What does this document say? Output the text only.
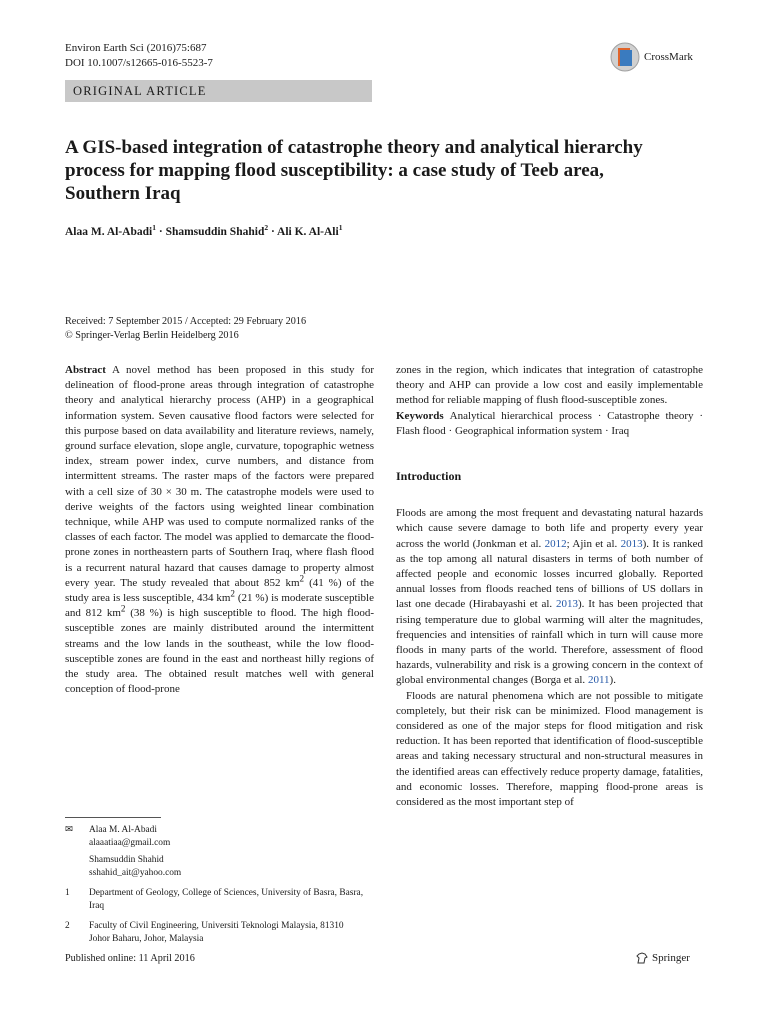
Environ Earth Sci (2016)75:687
DOI 10.1007/s12665-016-5523-7	CrossMark
ORIGINAL ARTICLE
A GIS-based integration of catastrophe theory and analytical hierarchy process for mapping flood susceptibility: a case study of Teeb area, Southern Iraq
Alaa M. Al-Abadi$^1$ · Shamsuddin Shahid$^2$ · Ali K. Al-Ali$^1$
Received: 7 September 2015 / Accepted: 29 February 2016
© Springer-Verlag Berlin Heidelberg 2016

Abstract A novel method has been proposed in this study for delineation of flood-prone areas through integration of catastrophe theory and analytical hierarchy process (AHP) in a geographical information system. Seven causative flood factors were selected for this purpose based on data availability and literature reviews, namely, ground surface elevation, slope angle, curvature, topographic wetness index, stream power index, curve numbers, and distance from intermittent streams. The raster maps of the factors were prepared with a cell size of 30 × 30 m. The catastrophe models were used to derive weights of the factors using weighted linear combination technique, while AHP was used to compute normalized ranks of the classes of each factor. The model was applied to demarcate the flood-prone zones in northeastern parts of Southern Iraq, where flash flood is a recurrent natural hazard that causes damage to property almost every year. The study revealed that about 852 $km^2$ (41 %) of the study area is less susceptible, 434 $km^2$ (21 %) is moderate susceptible and 812 $km^2$ (38 %) is high susceptible to flood. The high flood-susceptible zones are mainly distributed around the intermittent streams and the low lands in the southeast, while the low flood-susceptible zones are found in the east and northeast hilly regions of the study area. The obtained result matches well with general conception of flood-prone

zones in the region, which indicates that integration of catastrophe theory and AHP can provide a low cost and easily implementable method for reliable mapping of flush flood-susceptible zones.

Keywords Analytical hierarchical process · Catastrophe theory · Flash flood · Geographical information system · Iraq

Introduction

Floods are among the most frequent and devastating natural hazards which cause severe damage to both life and property every year across the world (Jonkman et al. 2012; Ajin et al. 2013). It is ranked as the top among all natural disasters in terms of both number of affected people and economic losses incurred globally. Reported annual losses from floods reached tens of billions of US dollars in last one decade (Hirabayashi et al. 2013). It has been projected that rising temperature due to global warming will alter the magnitudes, frequencies and intensities of rainfall which in turn will cause more floods in many parts of the world. Therefore, assessment of flood hazards, vulnerability and risk is a growing concern in the context of global environmental changes (Borga et al. 2011).

Floods are natural phenomena which are not possible to mitigate completely, but their risk can be minimized. Flood management is considered as one of the major steps for flood mitigation and risk reduction. It has been reported that identification of flood-susceptible areas and taking necessary structural and non-structural measures in the identified areas can effectively reduce property damage, fatalities, and economic losses. Therefore, mapping flood-prone areas is considered as the most important step of

✉	Alaa M. Al-Abadi
alaaatiaa@gmail.com
Shamsuddin Shahid
sshahid_ait@yahoo.com
1	Department of Geology, College of Sciences, University of Basra, Basra, Iraq
2	Faculty of Civil Engineering, Universiti Teknologi Malaysia, 81310 Johor Baharu, Johor, Malaysia
Published online: 11 April 2016	Springer
